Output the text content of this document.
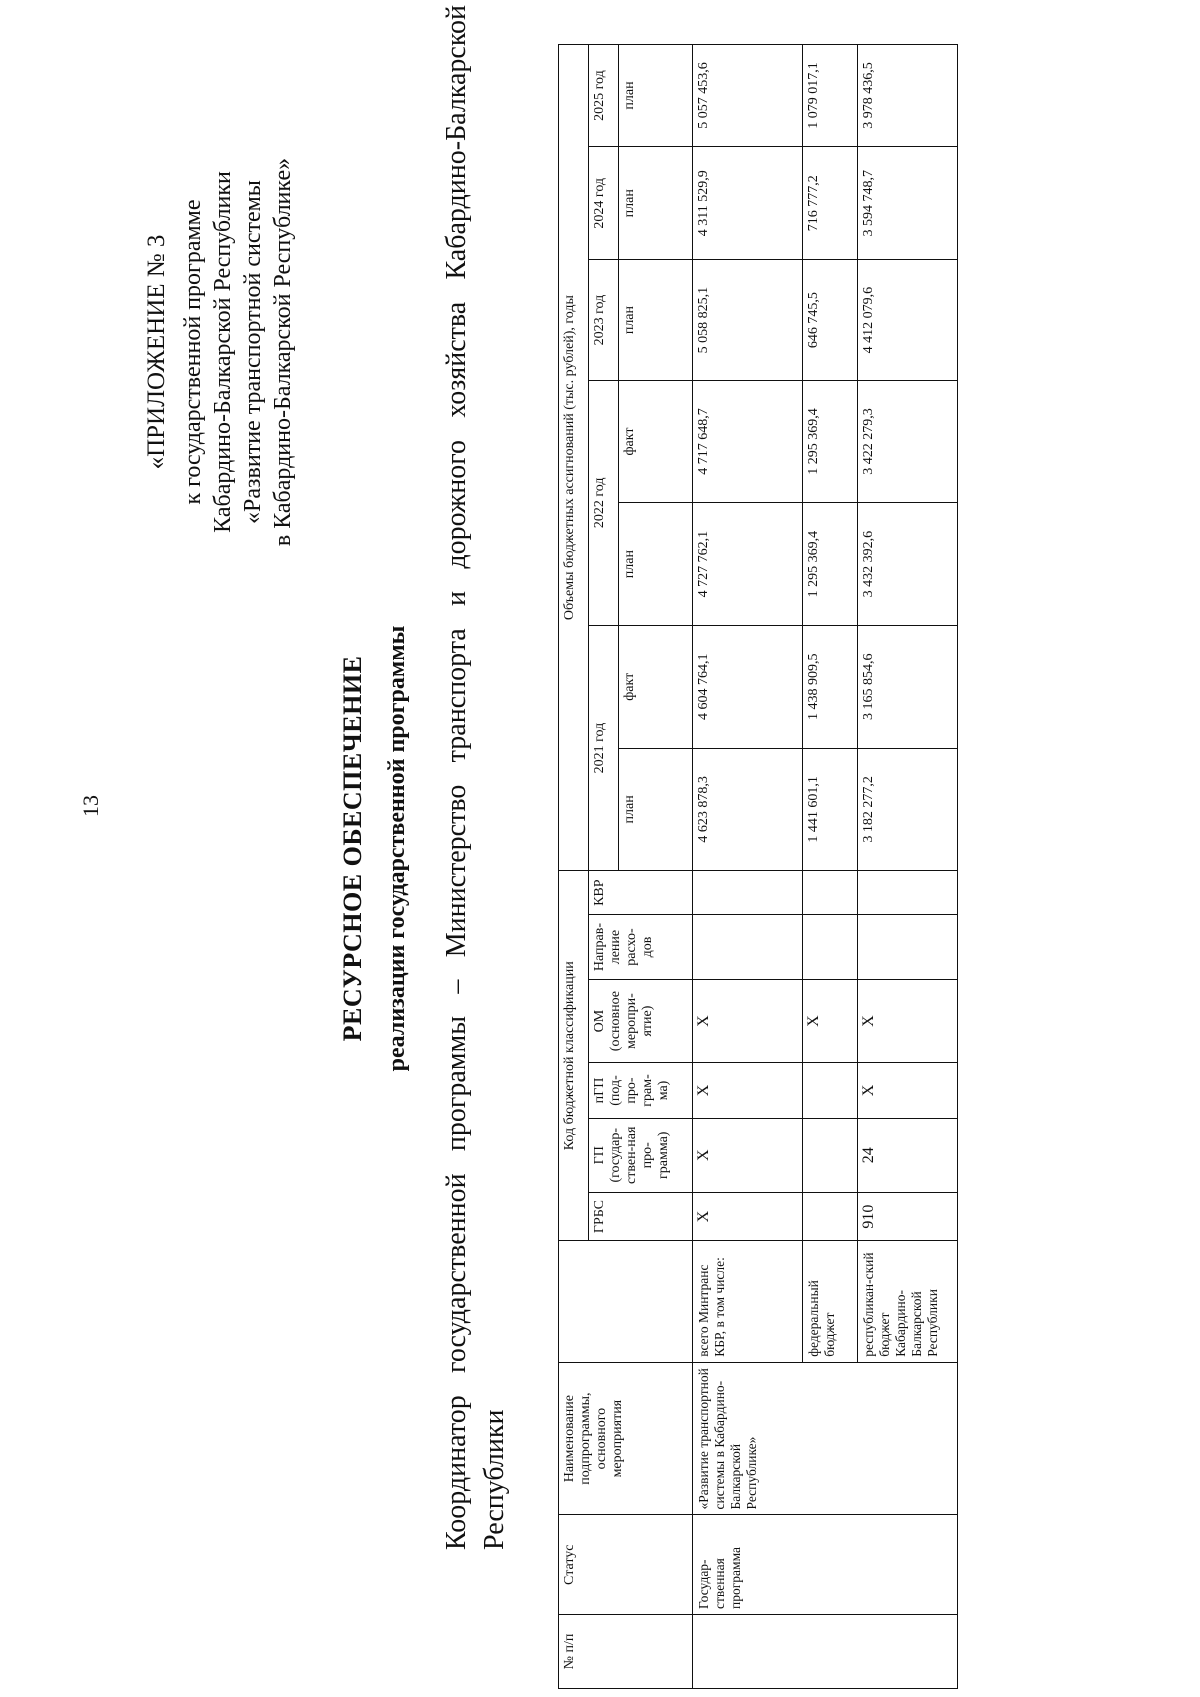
13
«ПРИЛОЖЕНИЕ № 3 к государственной программе Кабардино-Балкарской Республики «Развитие транспортной системы в Кабардино-Балкарской Республике»
РЕСУРСНОЕ ОБЕСПЕЧЕНИЕ реализации государственной программы Координатор государственной программы – Министерство транспорта и дорожного хозяйства Кабардино-Балкарской Республики
№ п/п	Статус	Наименование подпрограммы, основного мероприятия		Код бюджетной классификации						Объемы бюджетных ассигнований (тыс. рублей), годы						
				ГРБС	ГП (государ-ствен-ная про-грамма)	пГП (под-про-грам-ма)	ОМ (основное меропри-ятие)	Направ-ление расхо-дов	КВР	2021 год		2022 год		2023 год	2024 год	2025 год
										план	факт	план	факт	план	план	план
	Государ-ственная программа	«Развитие транспортной системы в Кабардино-Балкарской Республике»	всего Минтранс КБР, в том числе:	Х	Х	Х	Х			4 623 878,3	4 604 764,1	4 727 762,1	4 717 648,7	5 058 825,1	4 311 529,9	5 057 453,6
			федеральный бюджет				Х			1 441 601,1	1 438 909,5	1 295 369,4	1 295 369,4	646 745,5	716 777,2	1 079 017,1
			республикан-ский бюджет Кабардино-Балкарской Республики	910	24	Х	Х			3 182 277,2	3 165 854,6	3 432 392,6	3 422 279,3	4 412 079,6	3 594 748,7	3 978 436,5
